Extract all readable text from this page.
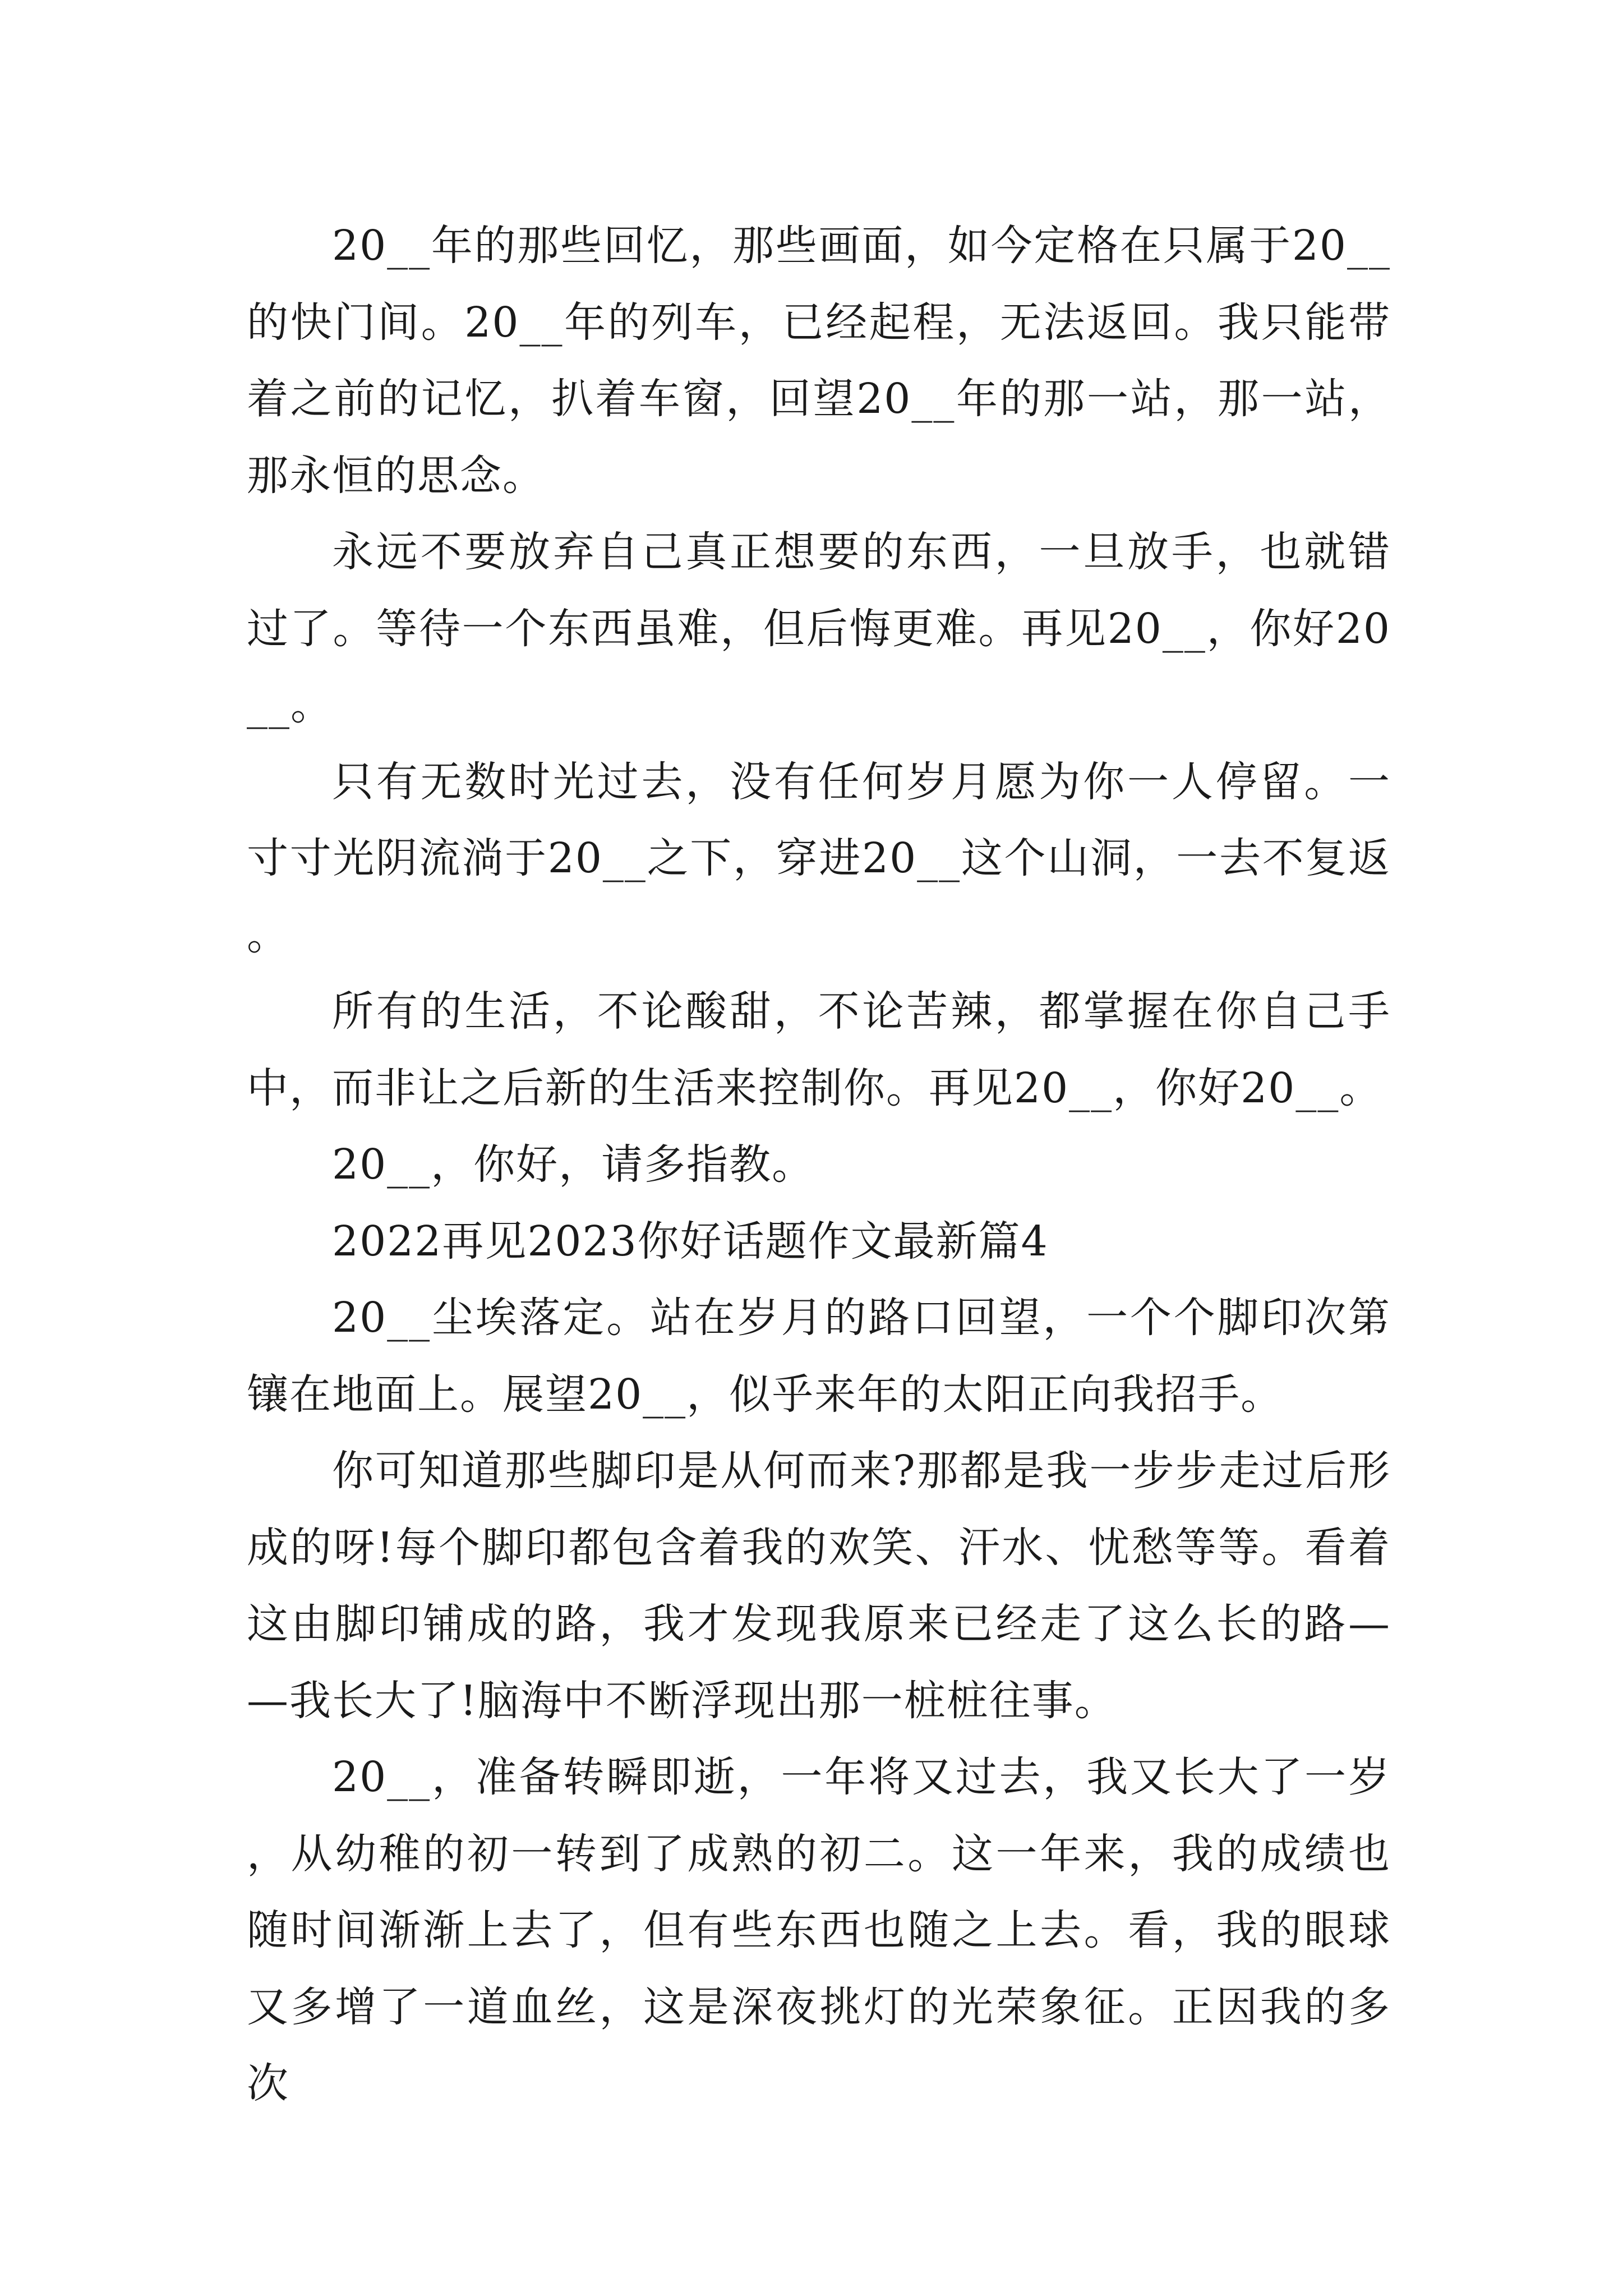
20__年的那些回忆，那些画面，如今定格在只属于20__的快门间。20__年的列车，已经起程，无法返回。我只能带着之前的记忆，扒着车窗，回望20__年的那一站，那一站，那永恒的思念。

永远不要放弃自己真正想要的东西，一旦放手，也就错过了。等待一个东西虽难，但后悔更难。再见20__，你好20__。

只有无数时光过去，没有任何岁月愿为你一人停留。一寸寸光阴流淌于20__之下，穿进20__这个山洞，一去不复返。

所有的生活，不论酸甜，不论苦辣，都掌握在你自己手中，而非让之后新的生活来控制你。再见20__，你好20__。

20__，你好，请多指教。

2022再见2023你好话题作文最新篇4

20__尘埃落定。站在岁月的路口回望，一个个脚印次第镶在地面上。展望20__，似乎来年的太阳正向我招手。

你可知道那些脚印是从何而来?那都是我一步步走过后形成的呀!每个脚印都包含着我的欢笑、汗水、忧愁等等。看着这由脚印铺成的路，我才发现我原来已经走了这么长的路——我长大了!脑海中不断浮现出那一桩桩往事。

20__，准备转瞬即逝，一年将又过去，我又长大了一岁，从幼稚的初一转到了成熟的初二。这一年来，我的成绩也随时间渐渐上去了，但有些东西也随之上去。看，我的眼球又多增了一道血丝，这是深夜挑灯的光荣象征。正因我的多次
